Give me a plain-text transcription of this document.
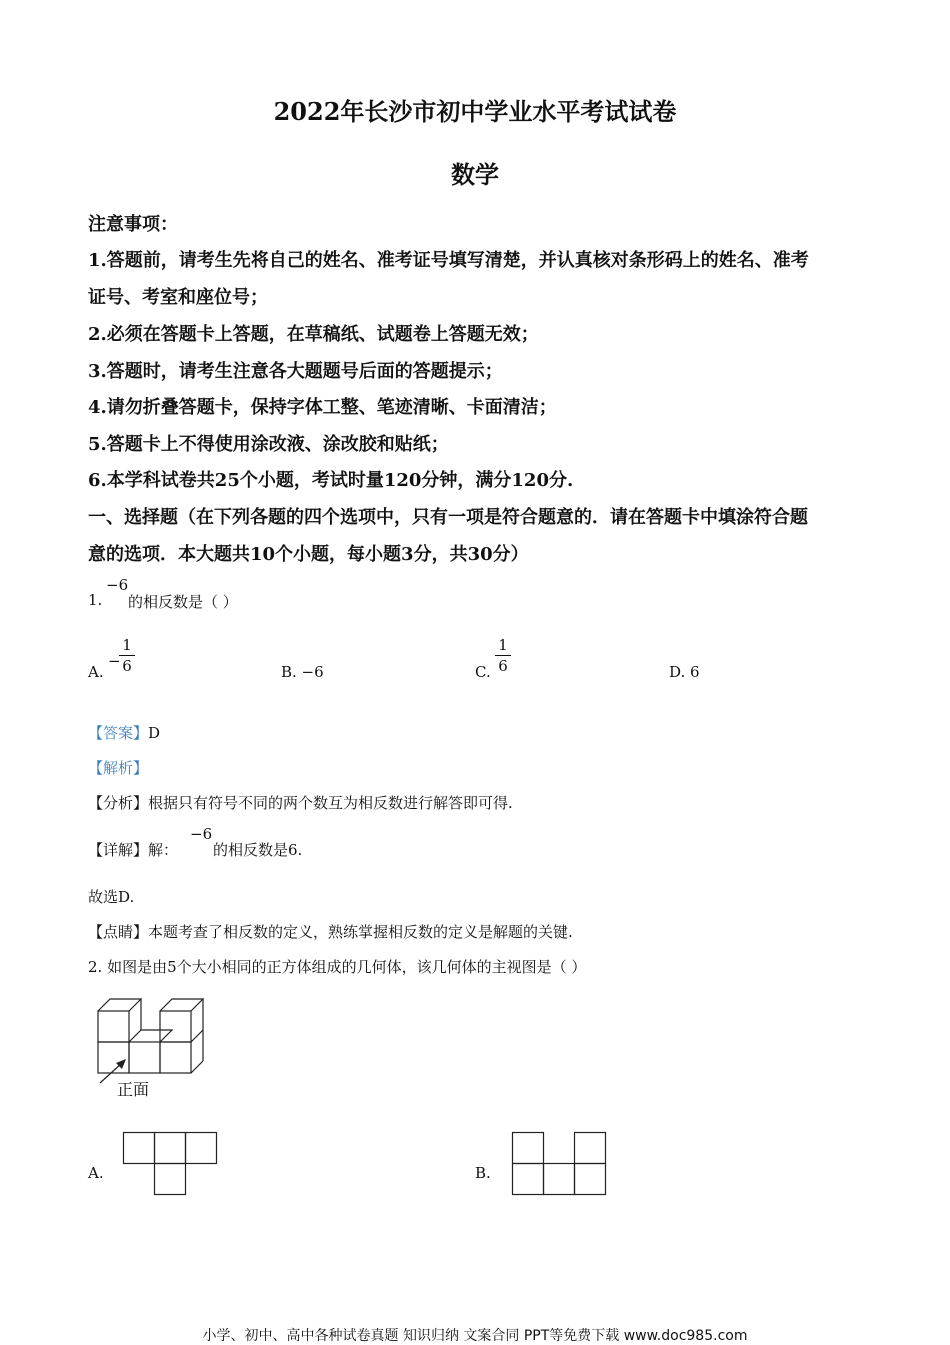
2022年长沙市初中学业水平考试试卷
数学
注意事项：
1.答题前，请考生先将自己的姓名、准考证号填写清楚，并认真核对条形码上的姓名、准考
证号、考室和座位号；
2.必须在答题卡上答题，在草稿纸、试题卷上答题无效；
3.答题时，请考生注意各大题题号后面的答题提示；
4.请勿折叠答题卡，保持字体工整、笔迹清晰、卡面清洁；
5.答题卡上不得使用涂改液、涂改胶和贴纸；
6.本学科试卷共25个小题，考试时量120分钟，满分120分.
一、选择题（在下列各题的四个选项中，只有一项是符合题意的．请在答题卡中填涂符合题
意的选项．本大题共10个小题，每小题3分，共30分）
1.
−6
的相反数是（ ）
A.
−
1
6	B. −6	C.
1
6	D. 6
【答案】D
【解析】
【分析】根据只有符号不同的两个数互为相反数进行解答即可得.
【详解】解：
−6
的相反数是6.
故选D.
【点睛】本题考查了相反数的定义，熟练掌握相反数的定义是解题的关键.
2. 如图是由5个大小相同的正方体组成的几何体，该几何体的主视图是（ ）
正面
A.	B.
小学、初中、高中各种试卷真题 知识归纳 文案合同 PPT等免费下载 www.doc985.com
